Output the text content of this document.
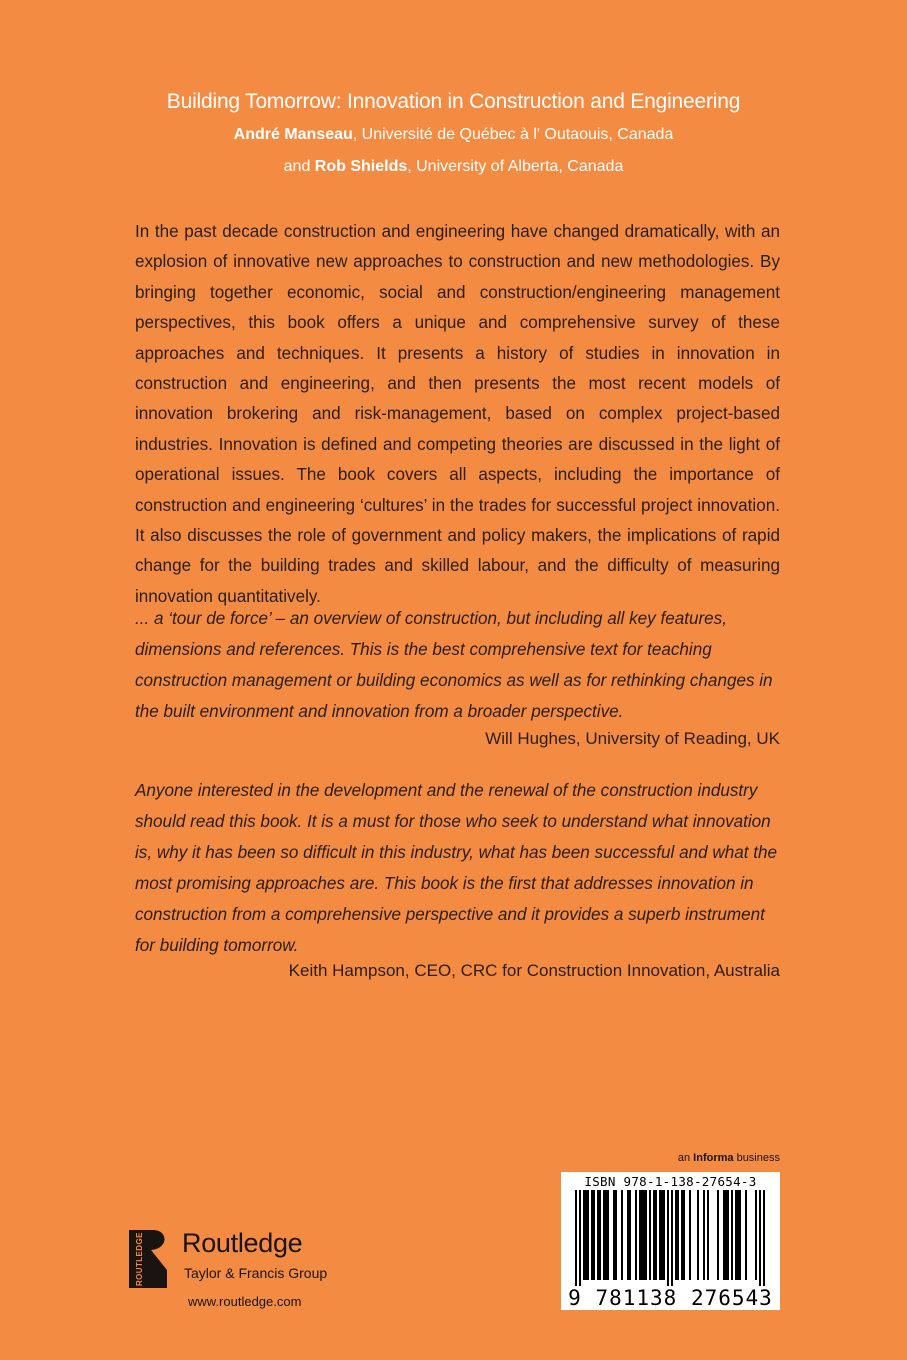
Building Tomorrow: Innovation in Construction and Engineering
André Manseau, Université de Québec à l' Outaouis, Canada
and Rob Shields, University of Alberta, Canada

In the past decade construction and engineering have changed dramatically, with an explosion of innovative new approaches to construction and new methodologies. By bringing together economic, social and construction/engineering management perspectives, this book offers a unique and comprehensive survey of these approaches and techniques. It presents a history of studies in innovation in construction and engineering, and then presents the most recent models of innovation brokering and risk-management, based on complex project-based industries. Innovation is defined and competing theories are discussed in the light of operational issues. The book covers all aspects, including the importance of construction and engineering ‘cultures’ in the trades for successful project innovation. It also discusses the role of government and policy makers, the implications of rapid change for the building trades and skilled labour, and the difficulty of measuring innovation quantitatively.

... a ‘tour de force’ – an overview of construction, but including all key features, dimensions and references. This is the best comprehensive text for teaching construction management or building economics as well as for rethinking changes in the built environment and innovation from a broader perspective.

Will Hughes, University of Reading, UK

Anyone interested in the development and the renewal of the construction industry should read this book. It is a must for those who seek to understand what innovation is, why it has been so difficult in this industry, what has been successful and what the most promising approaches are. This book is the first that addresses innovation in construction from a comprehensive perspective and it provides a superb instrument for building tomorrow.

Keith Hampson, CEO, CRC for Construction Innovation, Australia
an Informa business
ISBN 978-1-138-27654-3
9 781138 276543
ROUTLEDGE Routledge
Taylor & Francis Group
www.routledge.com
